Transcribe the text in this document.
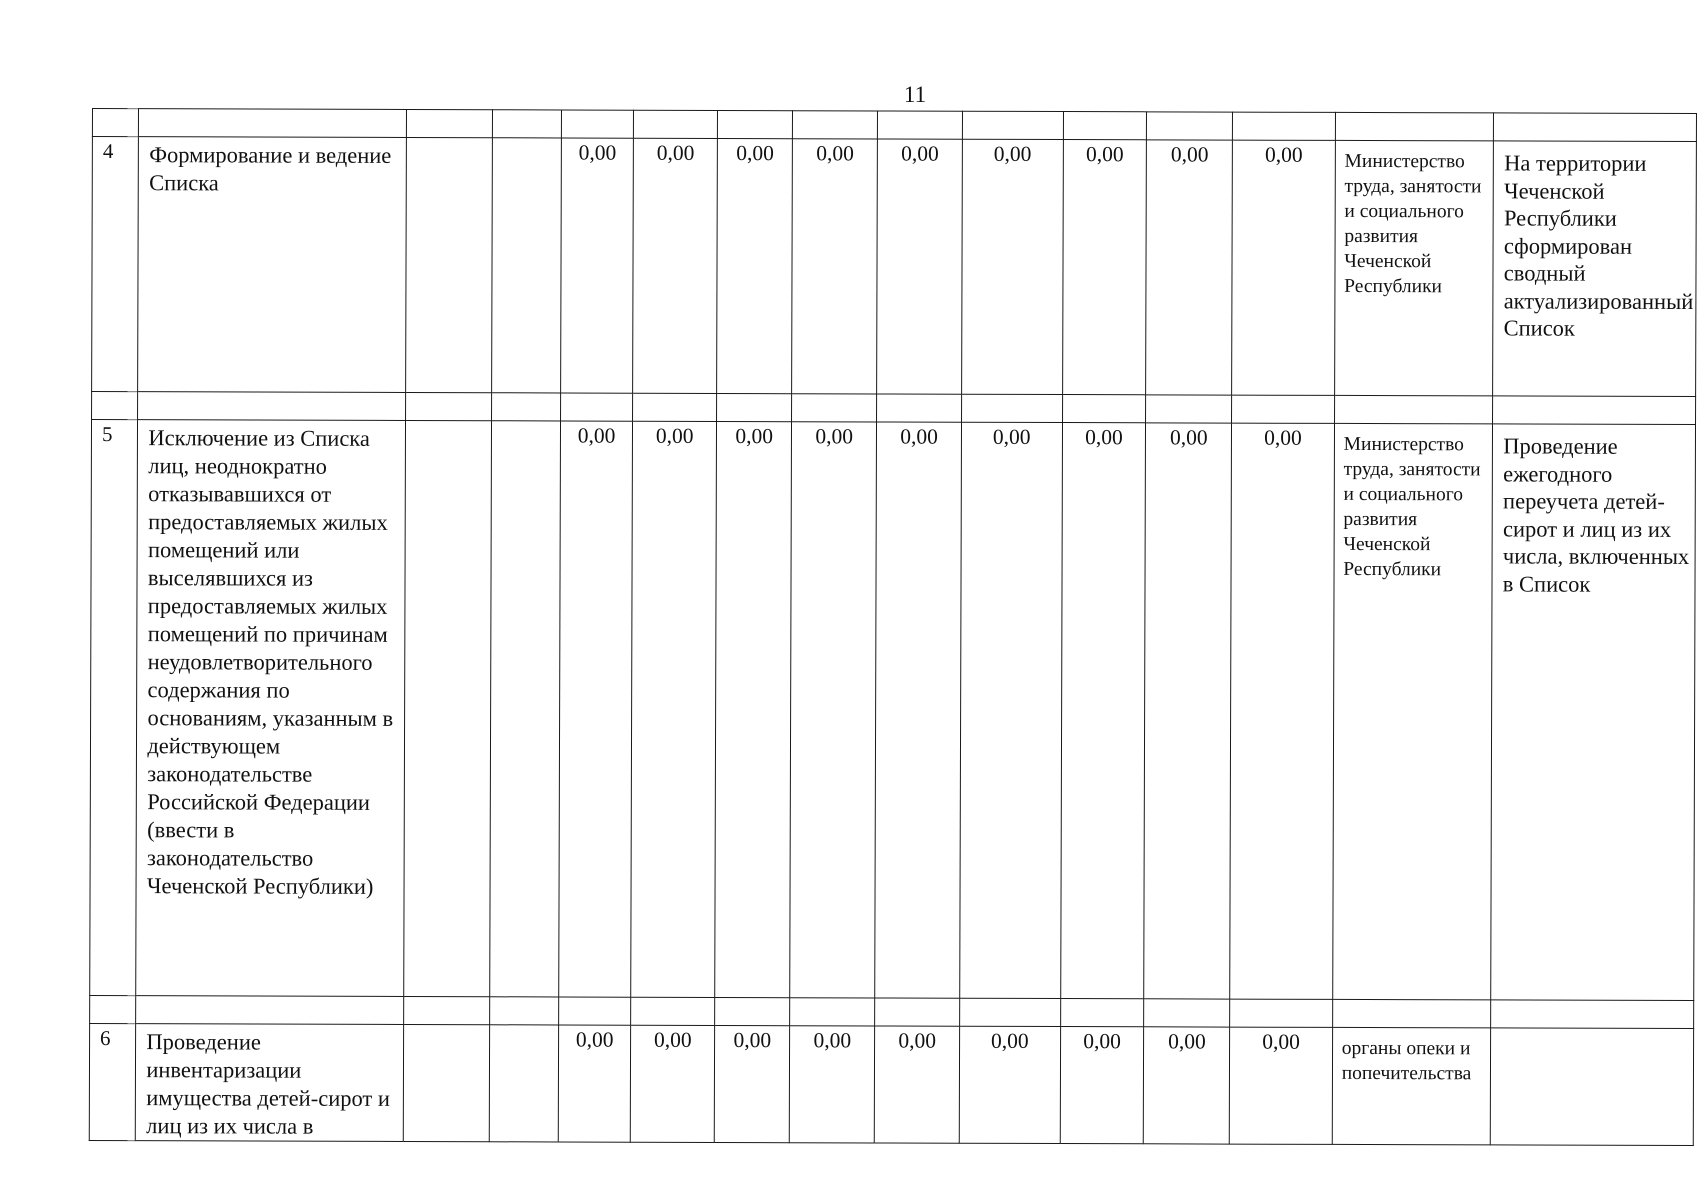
11

4	Формирование и ведение Списка			0,00	0,00	0,00	0,00	0,00	0,00	0,00	0,00	0,00	Министерство труда, занятости и социального развития Чеченской Республики	На территории Чеченской Республики сформирован сводный актуализированный Список

5	Исключение из Списка лиц, неоднократно отказывавшихся от предоставляемых жилых помещений или выселявшихся из предоставляемых жилых помещений по причинам неудовлетворительного содержания по основаниям, указанным в действующем законодательстве Российской Федерации (ввести в законодательство Чеченской Республики)			0,00	0,00	0,00	0,00	0,00	0,00	0,00	0,00	0,00	Министерство труда, занятости и социального развития Чеченской Республики	Проведение ежегодного переучета детей-сирот и лиц из их числа, включенных в Список

6	Проведение инвентаризации имущества детей-сирот и лиц из их числа в			0,00	0,00	0,00	0,00	0,00	0,00	0,00	0,00	0,00	органы опеки и попечительства	
